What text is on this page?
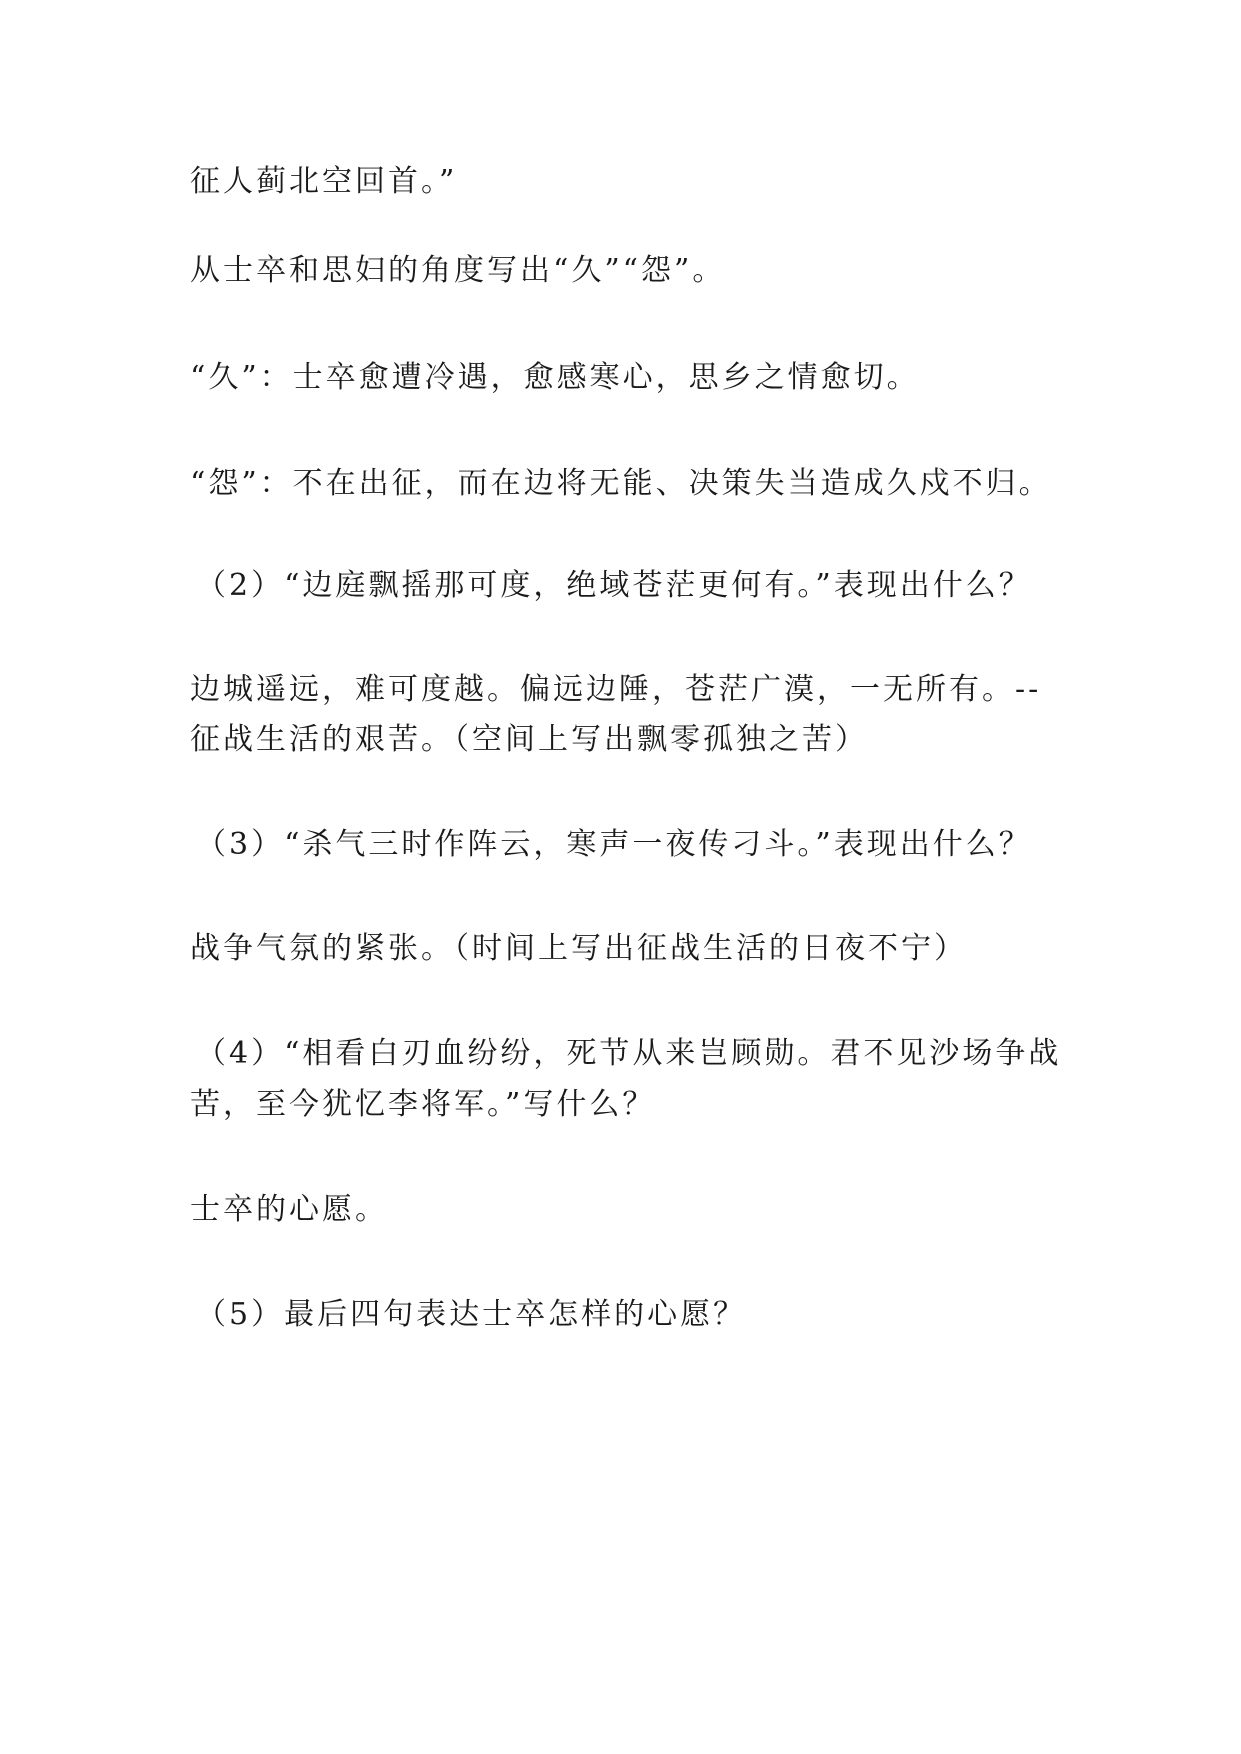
征人蓟北空回首。”
从士卒和思妇的角度写出“久”“怨”。
“久”：士卒愈遭冷遇，愈感寒心，思乡之情愈切。
“怨”：不在出征，而在边将无能、决策失当造成久戍不归。
（2）“边庭飘摇那可度，绝域苍茫更何有。”表现出什么？
边城遥远，难可度越。偏远边陲，苍茫广漠，一无所有。--
征战生活的艰苦。（空间上写出飘零孤独之苦）
（3）“杀气三时作阵云，寒声一夜传刁斗。”表现出什么？
战争气氛的紧张。（时间上写出征战生活的日夜不宁）
（4）“相看白刃血纷纷，死节从来岂顾勋。君不见沙场争战
苦，至今犹忆李将军。”写什么？
士卒的心愿。
（5）最后四句表达士卒怎样的心愿？
